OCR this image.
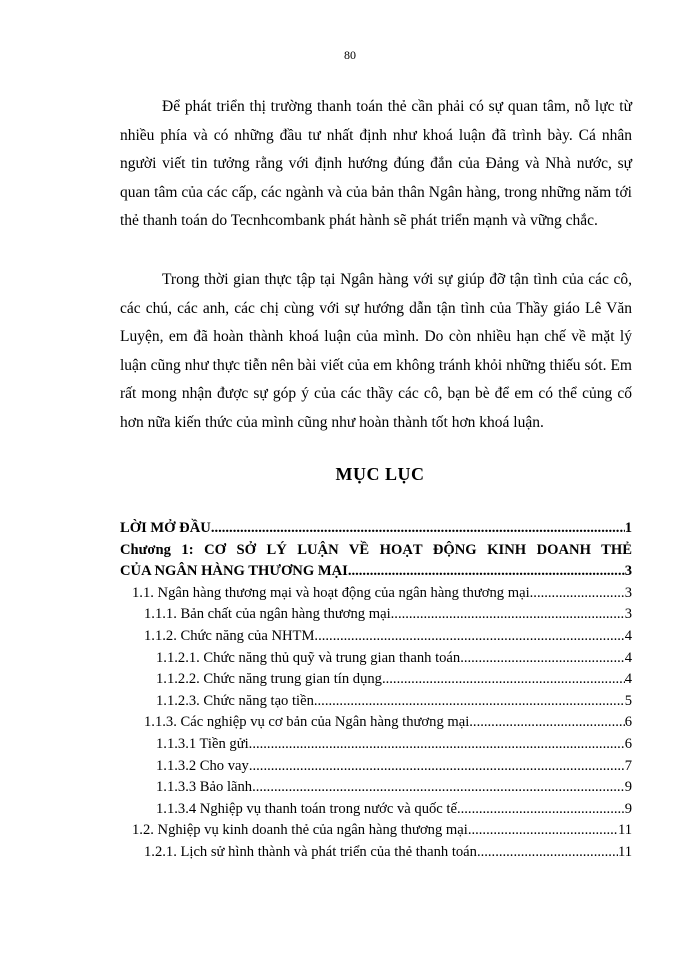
80

Để phát triển thị trường thanh toán thẻ cần phải có sự quan tâm, nỗ lực từ nhiều phía và có những đầu tư nhất định như khoá luận đã trình bày. Cá nhân người viết tin tưởng rằng với định hướng đúng đắn của Đảng và Nhà nước, sự quan tâm của các cấp, các ngành và của bản thân Ngân hàng, trong những năm tới thẻ thanh toán do Tecnhcombank phát hành sẽ phát triển mạnh và vững chắc.

Trong thời gian thực tập tại Ngân hàng với sự giúp đỡ tận tình của các cô, các chú, các anh, các chị cùng với sự hướng dẫn tận tình của Thầy giáo Lê Văn Luyện, em đã hoàn thành khoá luận của mình. Do còn nhiều hạn chế về mặt lý luận cũng như thực tiễn nên bài viết của em không tránh khỏi những thiếu sót. Em rất mong nhận được sự góp ý của các thầy các cô, bạn bè để em có thể củng cố hơn nữa kiến thức của mình cũng như hoàn thành tốt hơn khoá luận.

MỤC LỤC
LỜI MỞ ĐẦU .....	1
Chương 1: CƠ SỞ LÝ LUẬN VỀ HOẠT ĐỘNG KINH DOANH THẺ
CỦA NGÂN HÀNG THƯƠNG MẠI .....	3
1.1. Ngân hàng thương mại và hoạt động của ngân hàng thương mại. .....	3
1.1.1. Bản chất của ngân hàng thương mại. .....	3
1.1.2. Chức năng của NHTM. .....	4
1.1.2.1. Chức năng thủ quỹ và trung gian thanh toán. .....	4
1.1.2.2. Chức năng trung gian tín dụng .....	4
1.1.2.3. Chức năng tạo tiền. .....	5
1.1.3. Các nghiệp vụ cơ bản của Ngân hàng thương mại .....	6
1.1.3.1 Tiền gửi .....	6
1.1.3.2 Cho vay .....	7
1.1.3.3 Bảo lãnh .....	9
1.1.3.4 Nghiệp vụ thanh toán trong nước và quốc tế .....	9
1.2. Nghiệp vụ kinh doanh thẻ của ngân hàng thương mại. .....	11
1.2.1. Lịch sử hình thành và phát triển của thẻ thanh toán .....	11
